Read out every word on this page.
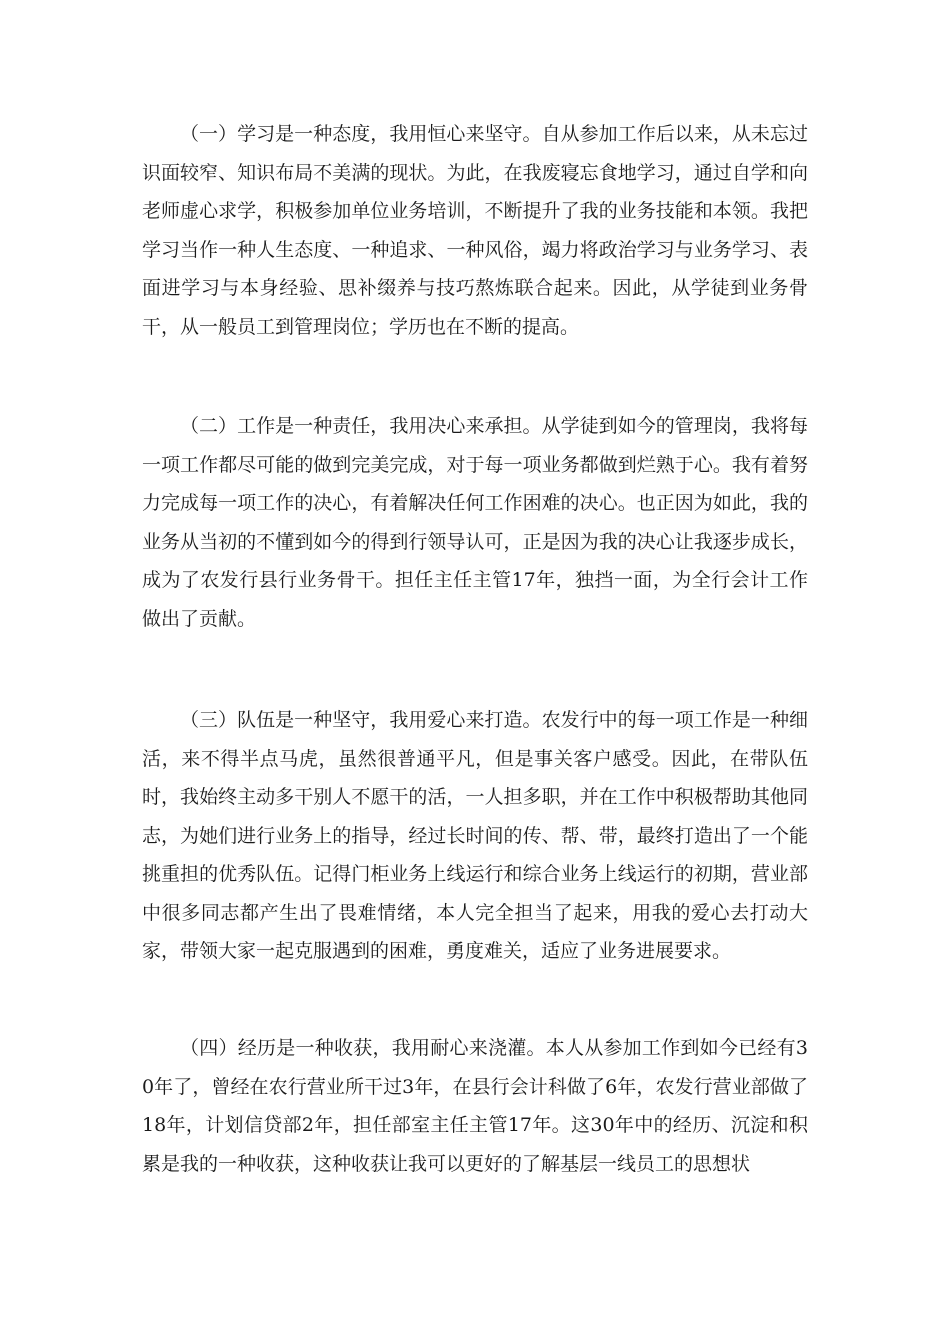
（一）学习是一种态度，我用恒心来坚守。自从参加工作后以来，从未忘过识面较窄、知识布局不美满的现状。为此，在我废寝忘食地学习，通过自学和向老师虚心求学，积极参加单位业务培训，不断提升了我的业务技能和本领。我把学习当作一种人生态度、一种追求、一种风俗，竭力将政治学习与业务学习、表面进学习与本身经验、思补缀养与技巧熬炼联合起来。因此，从学徒到业务骨干，从一般员工到管理岗位；学历也在不断的提高。

（二）工作是一种责任，我用决心来承担。从学徒到如今的管理岗，我将每一项工作都尽可能的做到完美完成，对于每一项业务都做到烂熟于心。我有着努力完成每一项工作的决心，有着解决任何工作困难的决心。也正因为如此，我的业务从当初的不懂到如今的得到行领导认可，正是因为我的决心让我逐步成长，成为了农发行县行业务骨干。担任主任主管17年，独挡一面，为全行会计工作做出了贡献。

（三）队伍是一种坚守，我用爱心来打造。农发行中的每一项工作是一种细活，来不得半点马虎，虽然很普通平凡，但是事关客户感受。因此，在带队伍时，我始终主动多干别人不愿干的活，一人担多职，并在工作中积极帮助其他同志，为她们进行业务上的指导，经过长时间的传、帮、带，最终打造出了一个能挑重担的优秀队伍。记得门柜业务上线运行和综合业务上线运行的初期，营业部中很多同志都产生出了畏难情绪，本人完全担当了起来，用我的爱心去打动大家，带领大家一起克服遇到的困难，勇度难关，适应了业务进展要求。

（四）经历是一种收获，我用耐心来浇灌。本人从参加工作到如今已经有30年了，曾经在农行营业所干过3年，在县行会计科做了6年，农发行营业部做了18年，计划信贷部2年，担任部室主任主管17年。这30年中的经历、沉淀和积累是我的一种收获，这种收获让我可以更好的了解基层一线员工的思想状
